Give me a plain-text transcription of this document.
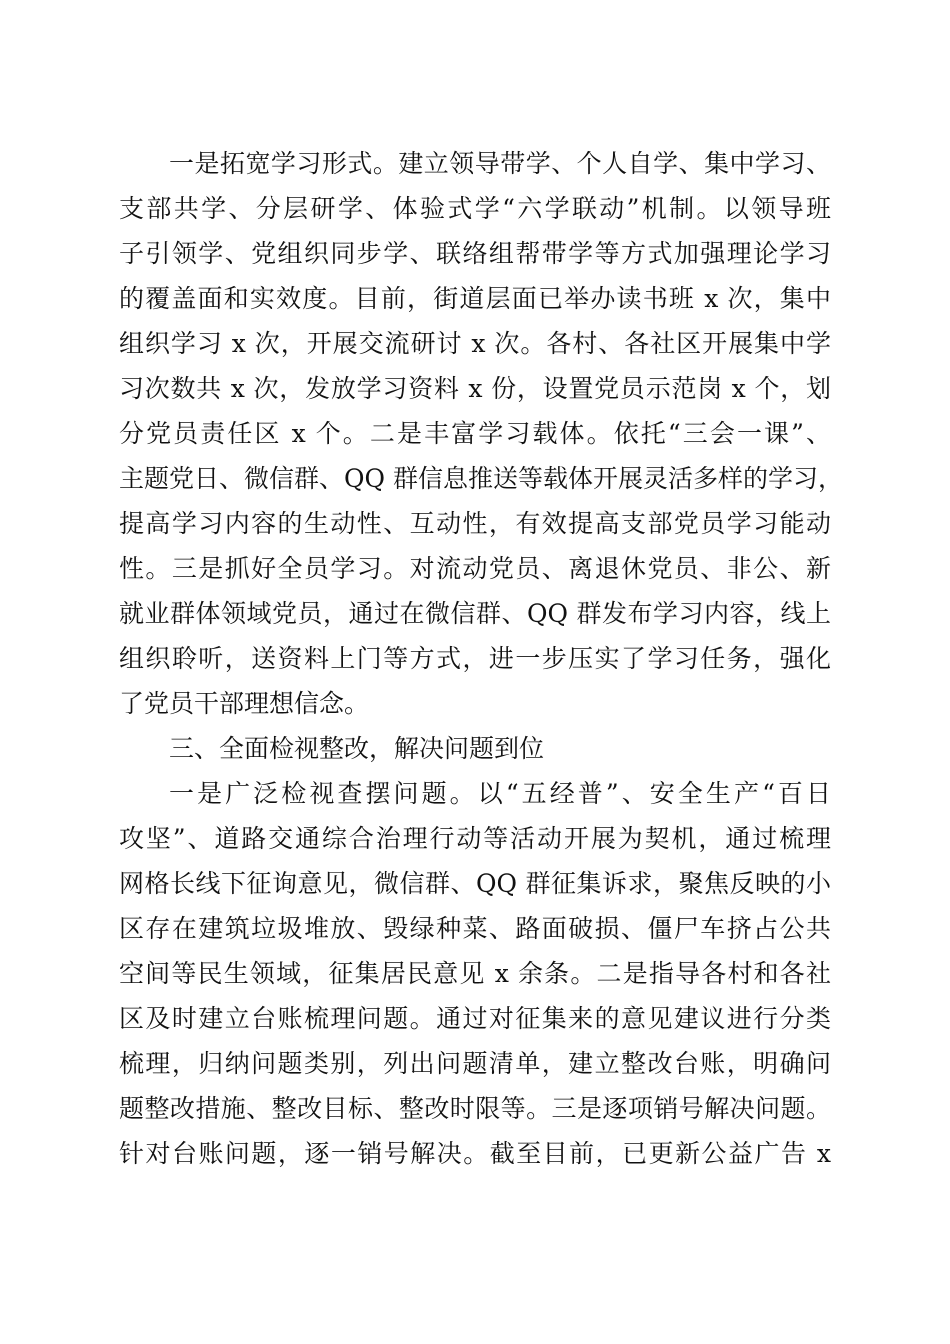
一是拓宽学习形式。建立领导带学、个人自学、集中学习、
支部共学、分层研学、体验式学“六学联动”机制。以领导班
子引领学、党组织同步学、联络组帮带学等方式加强理论学习
的覆盖面和实效度。目前，街道层面已举办读书班 x 次，集中
组织学习 x 次，开展交流研讨 x 次。各村、各社区开展集中学
习次数共 x 次，发放学习资料 x 份，设置党员示范岗 x 个，划
分党员责任区 x 个。二是丰富学习载体。依托“三会一课”、
主题党日、微信群、QQ 群信息推送等载体开展灵活多样的学习，
提高学习内容的生动性、互动性，有效提高支部党员学习能动
性。三是抓好全员学习。对流动党员、离退休党员、非公、新
就业群体领域党员，通过在微信群、QQ 群发布学习内容，线上
组织聆听，送资料上门等方式，进一步压实了学习任务，强化
了党员干部理想信念。
三、全面检视整改，解决问题到位
一是广泛检视查摆问题。以“五经普”、安全生产“百日
攻坚”、道路交通综合治理行动等活动开展为契机，通过梳理
网格长线下征询意见，微信群、QQ 群征集诉求，聚焦反映的小
区存在建筑垃圾堆放、毁绿种菜、路面破损、僵尸车挤占公共
空间等民生领域，征集居民意见 x 余条。二是指导各村和各社
区及时建立台账梳理问题。通过对征集来的意见建议进行分类
梳理，归纳问题类别，列出问题清单，建立整改台账，明确问
题整改措施、整改目标、整改时限等。三是逐项销号解决问题。
针对台账问题，逐一销号解决。截至目前，已更新公益广告 x
